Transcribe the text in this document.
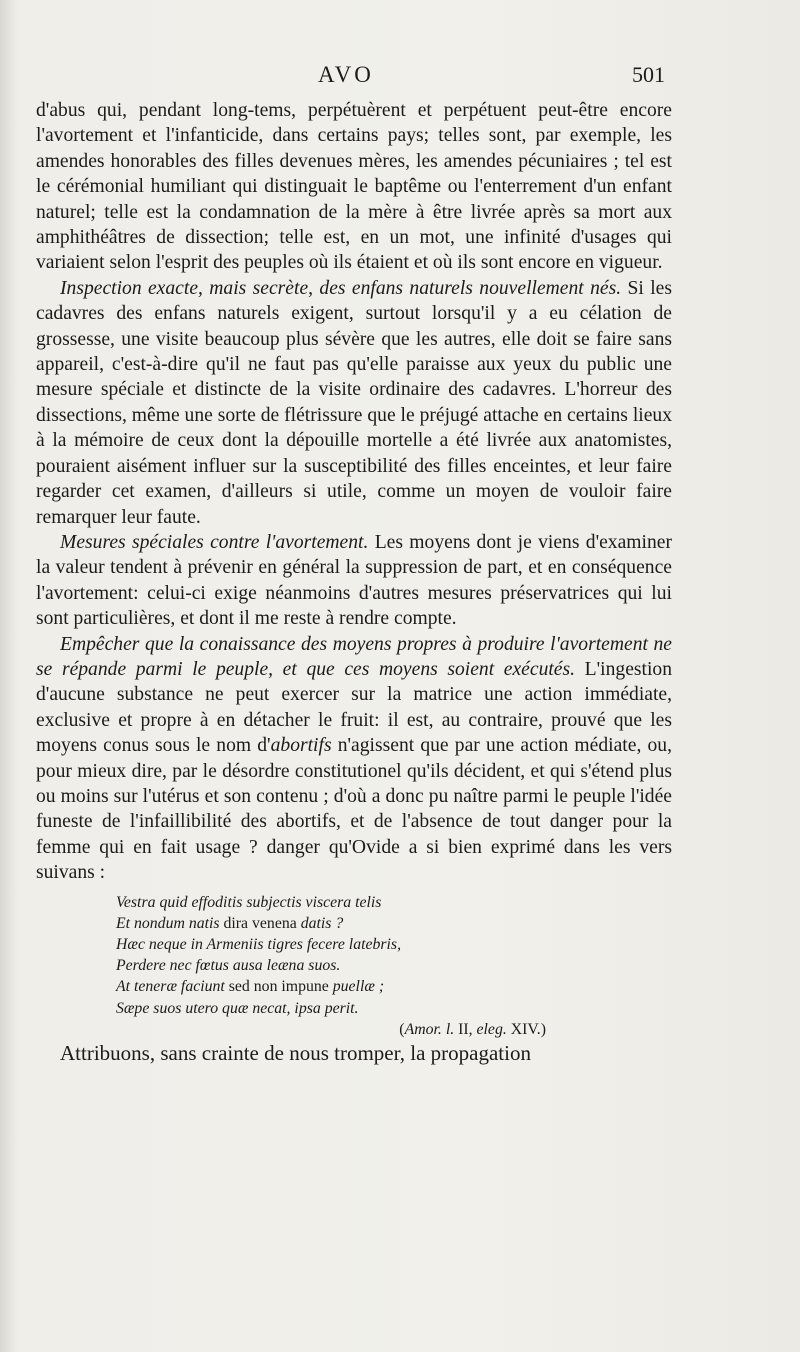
AVO	501

d'abus qui, pendant long-tems, perpétuèrent et perpétuent peut-être encore l'avortement et l'infanticide, dans certains pays; telles sont, par exemple, les amendes honorables des filles devenues mères, les amendes pécuniaires ; tel est le cérémonial humiliant qui distinguait le baptême ou l'enterrement d'un enfant naturel; telle est la condamnation de la mère à être livrée après sa mort aux amphithéâtres de dissection; telle est, en un mot, une infinité d'usages qui variaient selon l'esprit des peuples où ils étaient et où ils sont encore en vigueur.

Inspection exacte, mais secrète, des enfans naturels nouvellement nés. Si les cadavres des enfans naturels exigent, surtout lorsqu'il y a eu célation de grossesse, une visite beaucoup plus sévère que les autres, elle doit se faire sans appareil, c'est-à-dire qu'il ne faut pas qu'elle paraisse aux yeux du public une mesure spéciale et distincte de la visite ordinaire des cadavres. L'horreur des dissections, même une sorte de flétrissure que le préjugé attache en certains lieux à la mémoire de ceux dont la dépouille mortelle a été livrée aux anatomistes, pouraient aisément influer sur la susceptibilité des filles enceintes, et leur faire regarder cet examen, d'ailleurs si utile, comme un moyen de vouloir faire remarquer leur faute.

Mesures spéciales contre l'avortement. Les moyens dont je viens d'examiner la valeur tendent à prévenir en général la suppression de part, et en conséquence l'avortement: celui-ci exige néanmoins d'autres mesures préservatrices qui lui sont particulières, et dont il me reste à rendre compte.

Empêcher que la conaissance des moyens propres à produire l'avortement ne se répande parmi le peuple, et que ces moyens soient exécutés. L'ingestion d'aucune substance ne peut exercer sur la matrice une action immédiate, exclusive et propre à en détacher le fruit: il est, au contraire, prouvé que les moyens conus sous le nom d'abortifs n'agissent que par une action médiate, ou, pour mieux dire, par le désordre constitutionel qu'ils décident, et qui s'étend plus ou moins sur l'utérus et son contenu ; d'où a donc pu naître parmi le peuple l'idée funeste de l'infaillibilité des abortifs, et de l'absence de tout danger pour la femme qui en fait usage ? danger qu'Ovide a si bien exprimé dans les vers suivans :

Vestra quid effoditis subjectis viscera telis
Et nondum natis dira venena datis ?
Hæc neque in Armeniis tigres fecere latebris,
Perdere nec fœtus ausa leæna suos.
At teneræ faciunt sed non impune puellæ ;
Sæpe suos utero quæ necat, ipsa perit.
(Amor. l. II, eleg. XIV.)

Attribuons, sans crainte de nous tromper, la propagation
